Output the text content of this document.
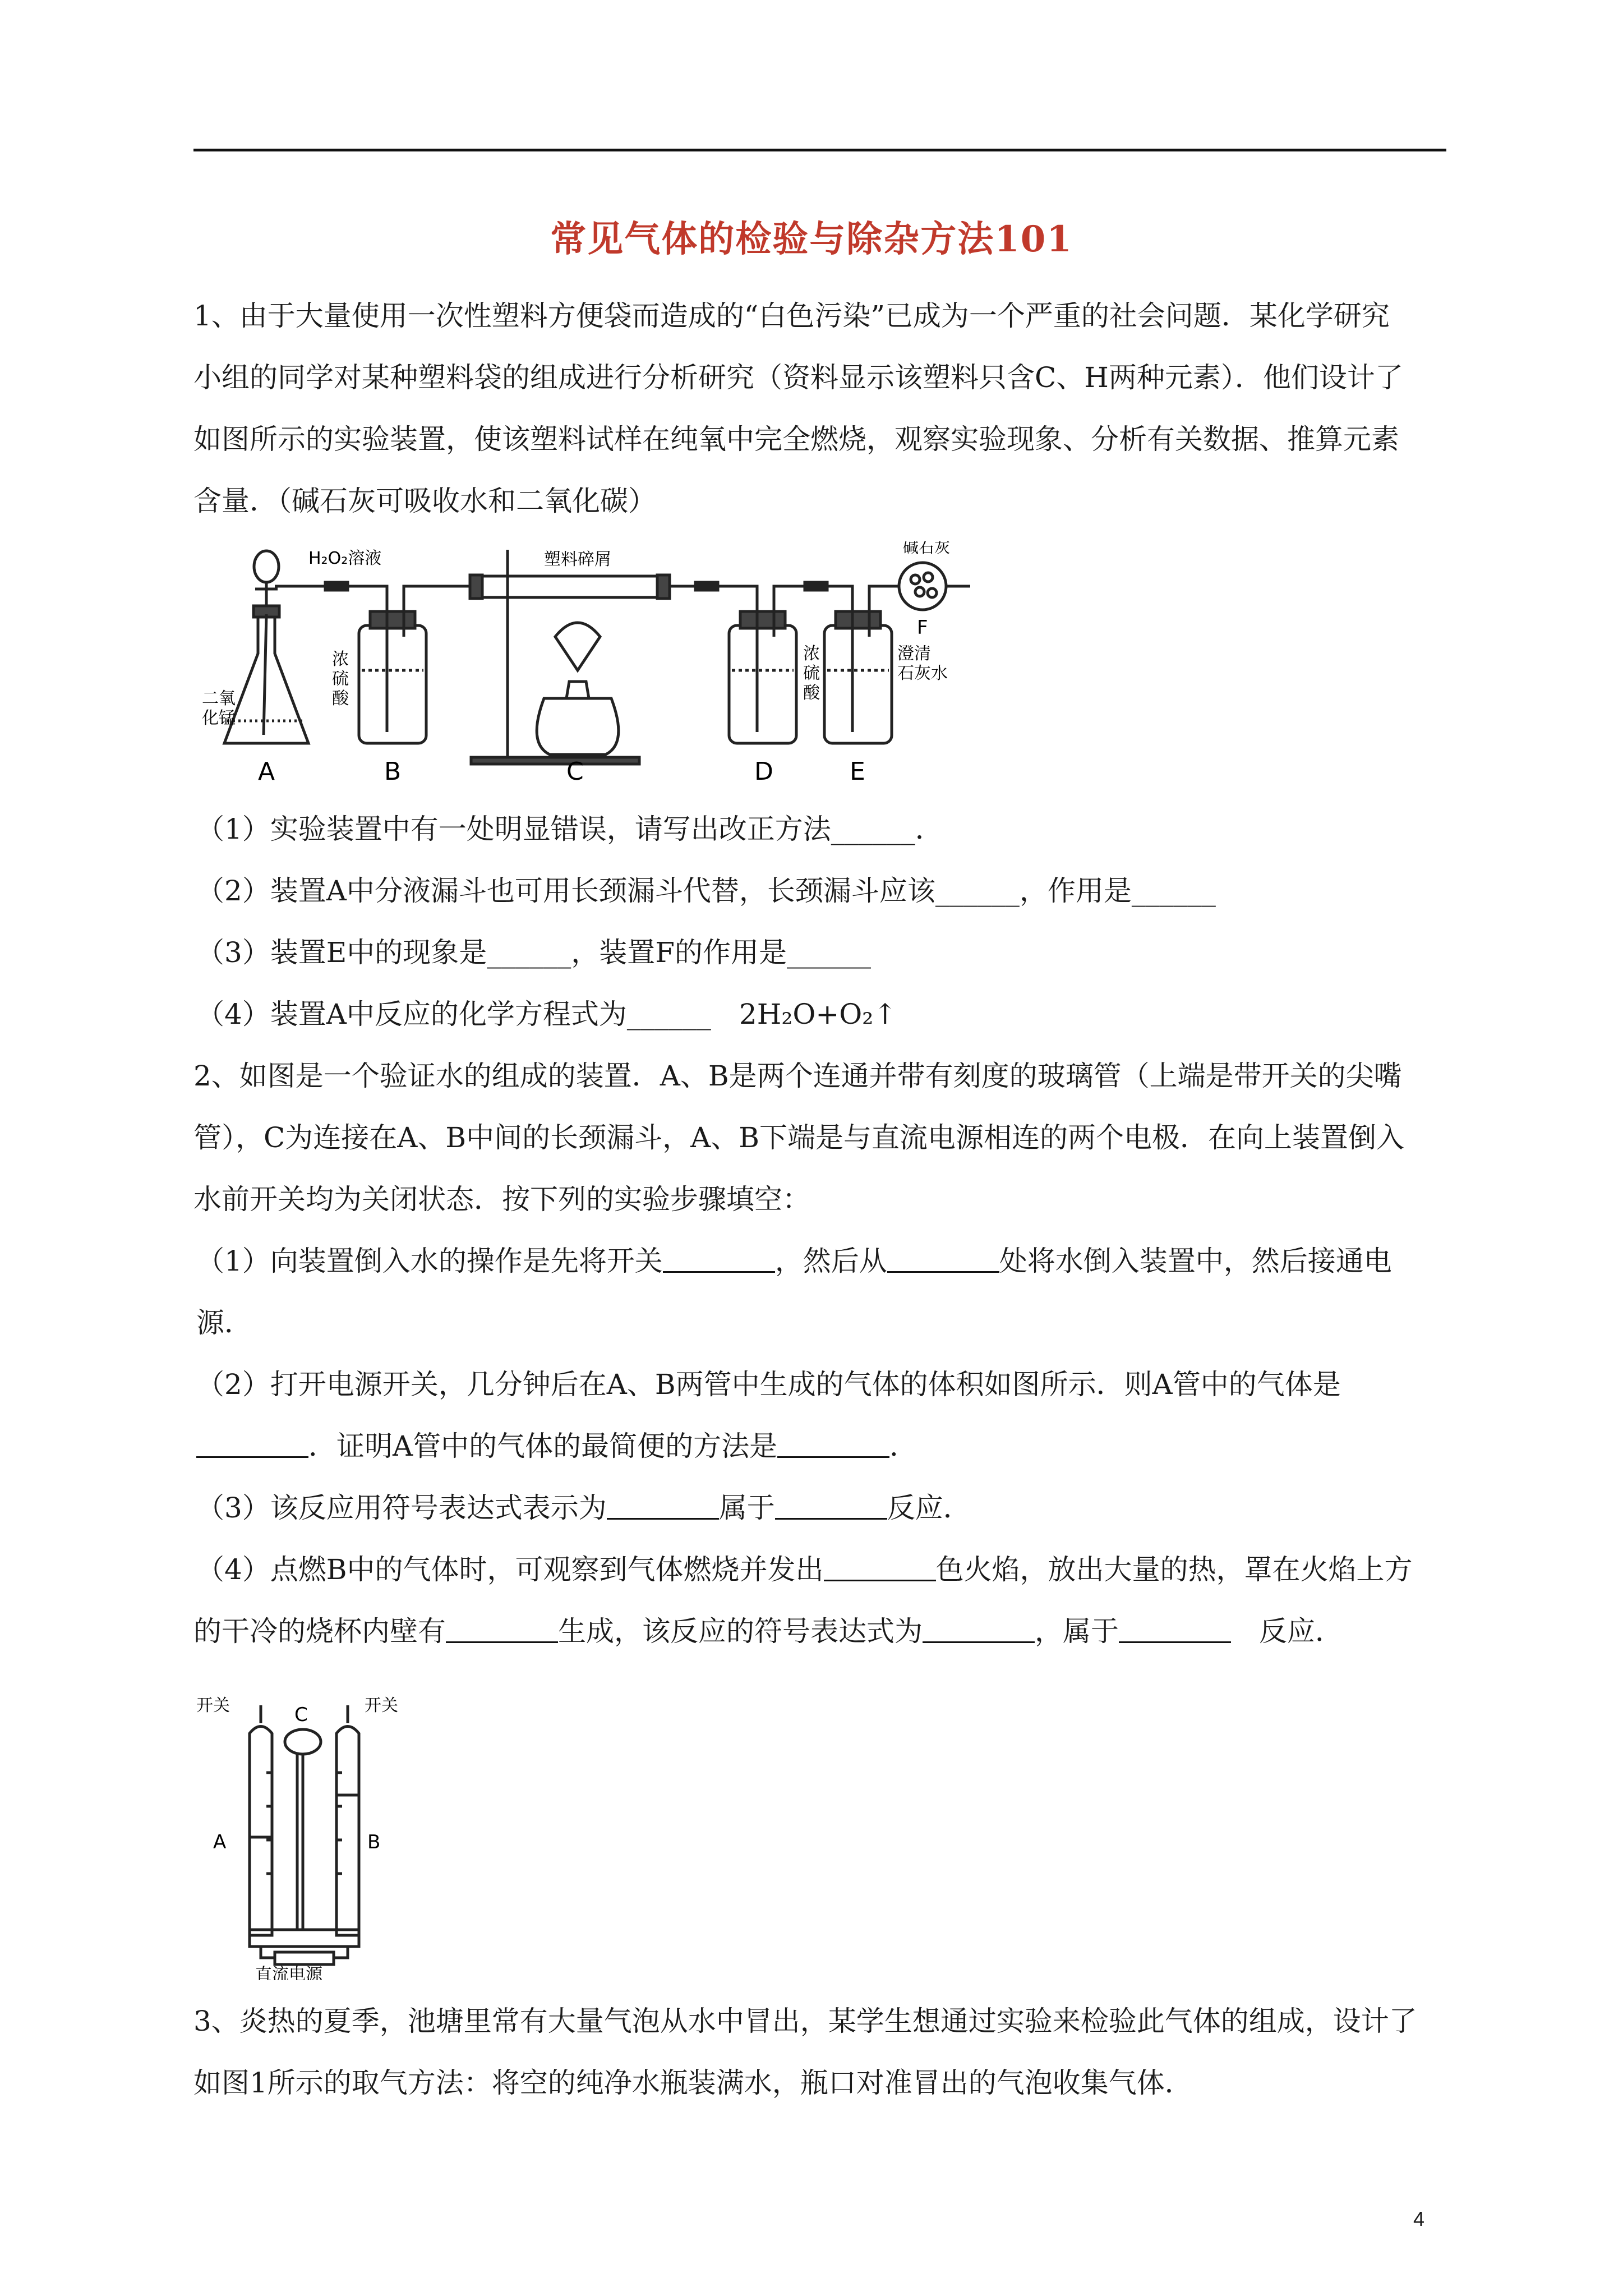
常见气体的检验与除杂方法101
1、由于大量使用一次性塑料方便袋而造成的“白色污染”已成为一个严重的社会问题．某化学研究
小组的同学对某种塑料袋的组成进行分析研究（资料显示该塑料只含C、H两种元素）．他们设计了
如图所示的实验装置，使该塑料试样在纯氧中完全燃烧，观察实验现象、分析有关数据、推算元素
含量．（碱石灰可吸收水和二氧化碳）
H₂O₂溶液
二氧
化锰
浓
硫
酸
塑料碎屑
浓
硫
酸
澄清
石灰水
碱石灰
A	B	C	D	E
F
（1）实验装置中有一处明显错误，请写出改正方法______．
（2）装置A中分液漏斗也可用长颈漏斗代替，长颈漏斗应该______，作用是______
（3）装置E中的现象是______，装置F的作用是______
（4）装置A中反应的化学方程式为______　2H₂O+O₂↑
2、如图是一个验证水的组成的装置．A、B是两个连通并带有刻度的玻璃管（上端是带开关的尖嘴
管），C为连接在A、B中间的长颈漏斗，A、B下端是与直流电源相连的两个电极．在向上装置倒入
水前开关均为关闭状态．按下列的实验步骤填空：
（1）向装置倒入水的操作是先将开关	，然后从	处将水倒入装置中，然后接通电
源．
（2）打开电源开关，几分钟后在A、B两管中生成的气体的体积如图所示．则A管中的气体是
．证明A管中的气体的最简便的方法是	．
（3）该反应用符号表达式表示为	属于	反应．
（4）点燃B中的气体时，可观察到气体燃烧并发出	色火焰，放出大量的热，罩在火焰上方
的干冷的烧杯内壁有	生成，该反应的符号表达式为	，属于	　反应．
开关	开关
C
A	B
直流电源
3、炎热的夏季，池塘里常有大量气泡从水中冒出，某学生想通过实验来检验此气体的组成，设计了
如图1所示的取气方法：将空的纯净水瓶装满水，瓶口对准冒出的气泡收集气体．
4
